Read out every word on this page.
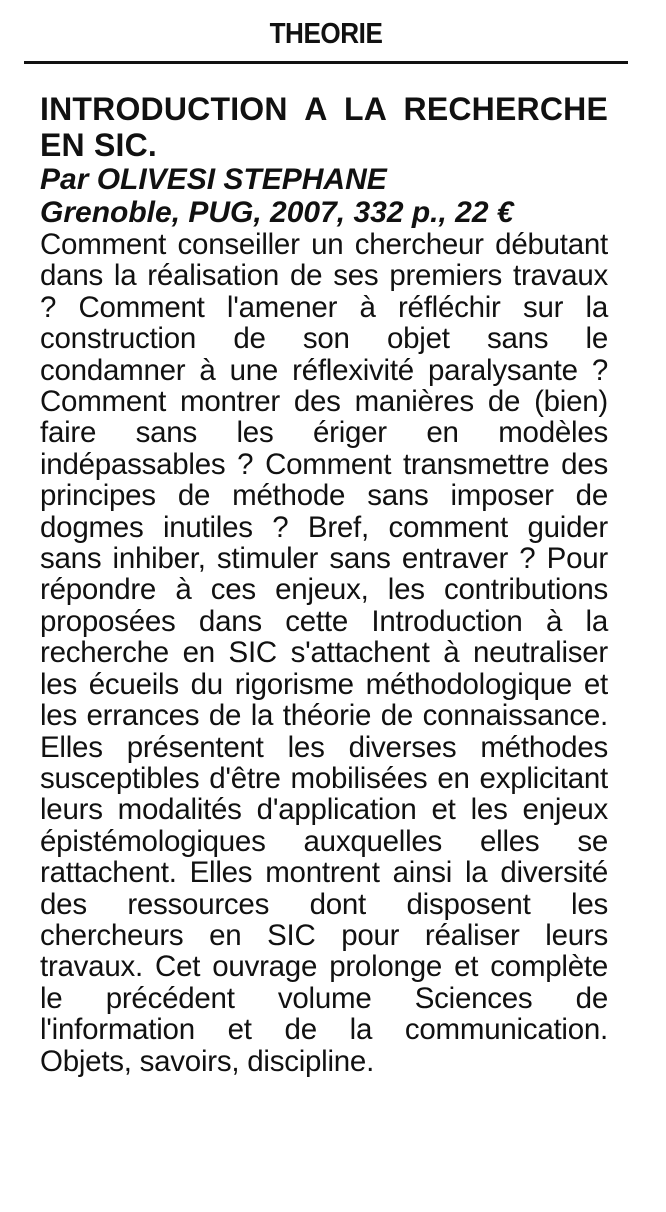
THEORIE

INTRODUCTION A LA RECHERCHE EN SIC.

Par OLIVESI STEPHANE

Grenoble, PUG, 2007, 332 p., 22 €

Comment conseiller un chercheur débutant dans la réalisation de ses premiers travaux ? Comment l'amener à réfléchir sur la construction de son objet sans le condamner à une réflexivité paralysante ? Comment montrer des manières de (bien) faire sans les ériger en modèles indépassables ? Comment transmettre des principes de méthode sans imposer de dogmes inutiles ? Bref, comment guider sans inhiber, stimuler sans entraver ? Pour répondre à ces enjeux, les contributions proposées dans cette Introduction à la recherche en SIC s'attachent à neutraliser les écueils du rigorisme méthodologique et les errances de la théorie de connaissance. Elles présentent les diverses méthodes susceptibles d'être mobilisées en explicitant leurs modalités d'application et les enjeux épistémologiques auxquelles elles se rattachent. Elles montrent ainsi la diversité des ressources dont disposent les chercheurs en SIC pour réaliser leurs travaux. Cet ouvrage prolonge et complète le précédent volume Sciences de l'information et de la communication. Objets, savoirs, discipline.
